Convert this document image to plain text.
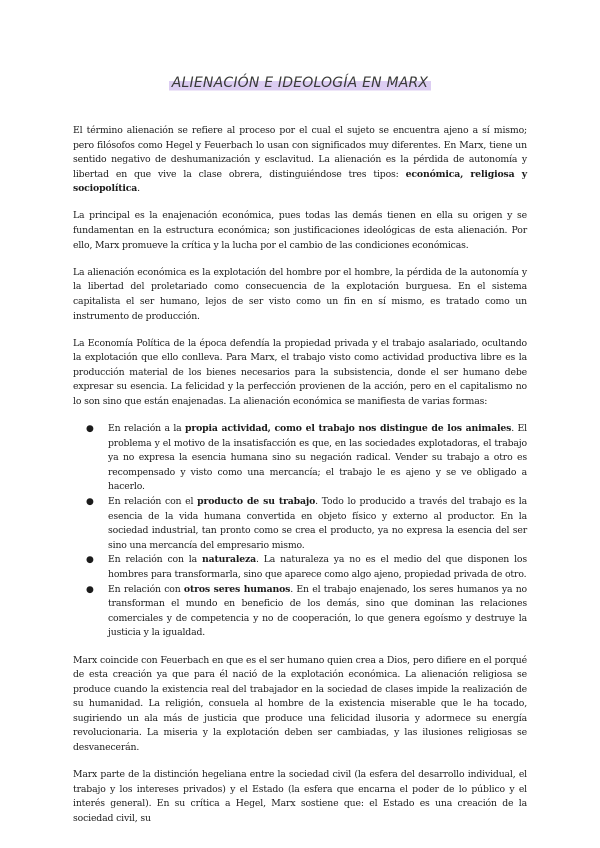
ALIENACIÓN E IDEOLOGÍA EN MARX

El término alienación se refiere al proceso por el cual el sujeto se encuentra ajeno a sí mismo; pero filósofos como Hegel y Feuerbach lo usan con significados muy diferentes. En Marx, tiene un sentido negativo de deshumanización y esclavitud. La alienación es la pérdida de autonomía y libertad en que vive la clase obrera, distinguiéndose tres tipos: económica, religiosa y sociopolítica.

La principal es la enajenación económica, pues todas las demás tienen en ella su origen y se fundamentan en la estructura económica; son justificaciones ideológicas de esta alienación. Por ello, Marx promueve la crítica y la lucha por el cambio de las condiciones económicas.

La alienación económica es la explotación del hombre por el hombre, la pérdida de la autonomía y la libertad del proletariado como consecuencia de la explotación burguesa. En el sistema capitalista el ser humano, lejos de ser visto como un fin en sí mismo, es tratado como un instrumento de producción.

La Economía Política de la época defendía la propiedad privada y el trabajo asalariado, ocultando la explotación que ello conlleva. Para Marx, el trabajo visto como actividad productiva libre es la producción material de los bienes necesarios para la subsistencia, donde el ser humano debe expresar su esencia. La felicidad y la perfección provienen de la acción, pero en el capitalismo no lo son sino que están enajenadas. La alienación económica se manifiesta de varias formas:

● En relación a la propia actividad, como el trabajo nos distingue de los animales. El problema y el motivo de la insatisfacción es que, en las sociedades explotadoras, el trabajo ya no expresa la esencia humana sino su negación radical. Vender su trabajo a otro es recompensado y visto como una mercancía; el trabajo le es ajeno y se ve obligado a hacerlo.
● En relación con el producto de su trabajo. Todo lo producido a través del trabajo es la esencia de la vida humana convertida en objeto físico y externo al productor. En la sociedad industrial, tan pronto como se crea el producto, ya no expresa la esencia del ser sino una mercancía del empresario mismo.
● En relación con la naturaleza. La naturaleza ya no es el medio del que disponen los hombres para transformarla, sino que aparece como algo ajeno, propiedad privada de otro.
● En relación con otros seres humanos. En el trabajo enajenado, los seres humanos ya no transforman el mundo en beneficio de los demás, sino que dominan las relaciones comerciales y de competencia y no de cooperación, lo que genera egoísmo y destruye la justicia y la igualdad.

Marx coincide con Feuerbach en que es el ser humano quien crea a Dios, pero difiere en el porqué de esta creación ya que para él nació de la explotación económica. La alienación religiosa se produce cuando la existencia real del trabajador en la sociedad de clases impide la realización de su humanidad. La religión, consuela al hombre de la existencia miserable que le ha tocado, sugiriendo un ala más de justicia que produce una felicidad ilusoria y adormece su energía revolucionaria. La miseria y la explotación deben ser cambiadas, y las ilusiones religiosas se desvanecerán.

Marx parte de la distinción hegeliana entre la sociedad civil (la esfera del desarrollo individual, el trabajo y los intereses privados) y el Estado (la esfera que encarna el poder de lo público y el interés general). En su crítica a Hegel, Marx sostiene que: el Estado es una creación de la sociedad civil, su
